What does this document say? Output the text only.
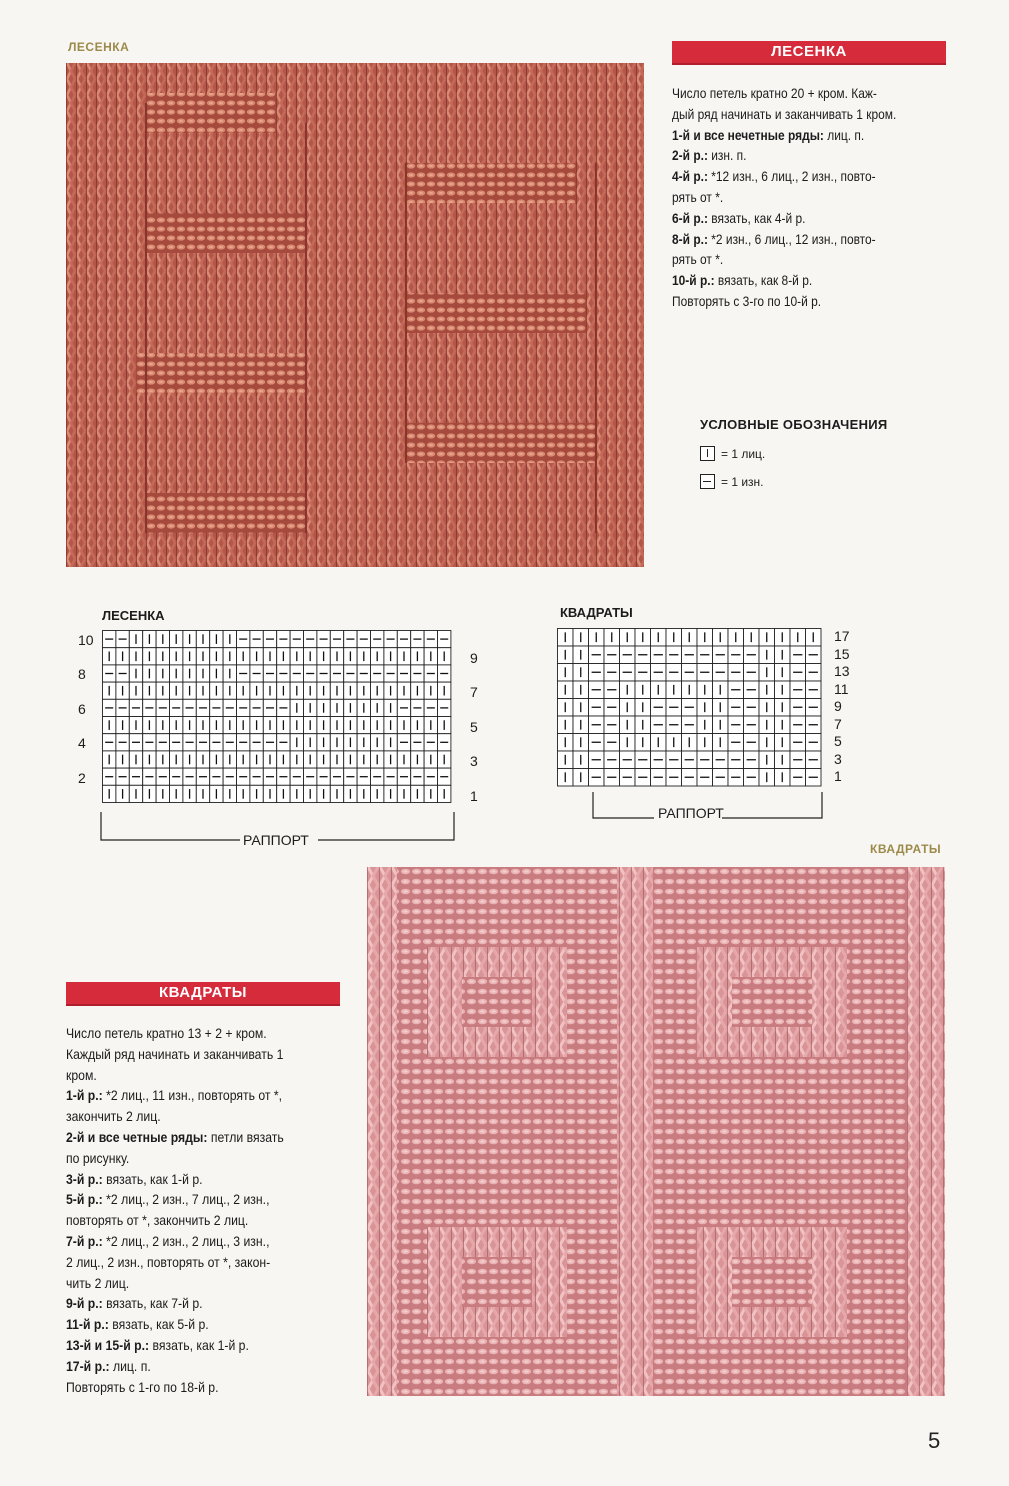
ЛЕСЕНКА	ЛЕСЕНКА
Число петель кратно 20 + кром. Каж-
дый ряд начинать и заканчивать 1 кром.
1-й и все нечетные ряды: лиц. п.
2-й р.: изн. п.
4-й р.: *12 изн., 6 лиц., 2 изн., повто-
рять от *.
6-й р.: вязать, как 4-й р.
8-й р.: *2 изн., 6 лиц., 12 изн., повто-
рять от *.
10-й р.: вязать, как 8-й р.
Повторять с 3-го по 10-й р.
УСЛОВНЫЕ ОБОЗНАЧЕНИЯ
= 1 лиц.
= 1 изн.
ЛЕСЕНКА
10
8
6
4
2
9
7
5
3
1
РАППОРТ
КВАДРАТЫ
17
15
13
11
9
7
5
3
1
РАППОРТ
КВАДРАТЫ
КВАДРАТЫ
Число петель кратно 13 + 2 + кром.
Каждый ряд начинать и заканчивать 1
кром.
1-й р.: *2 лиц., 11 изн., повторять от *,
закончить 2 лиц.
2-й и все четные ряды: петли вязать
по рисунку.
3-й р.: вязать, как 1-й р.
5-й р.: *2 лиц., 2 изн., 7 лиц., 2 изн.,
повторять от *, закончить 2 лиц.
7-й р.: *2 лиц., 2 изн., 2 лиц., 3 изн.,
2 лиц., 2 изн., повторять от *, закон-
чить 2 лиц.
9-й р.: вязать, как 7-й р.
11-й р.: вязать, как 5-й р.
13-й и 15-й р.: вязать, как 1-й р.
17-й р.: лиц. п.
Повторять с 1-го по 18-й р.
5
